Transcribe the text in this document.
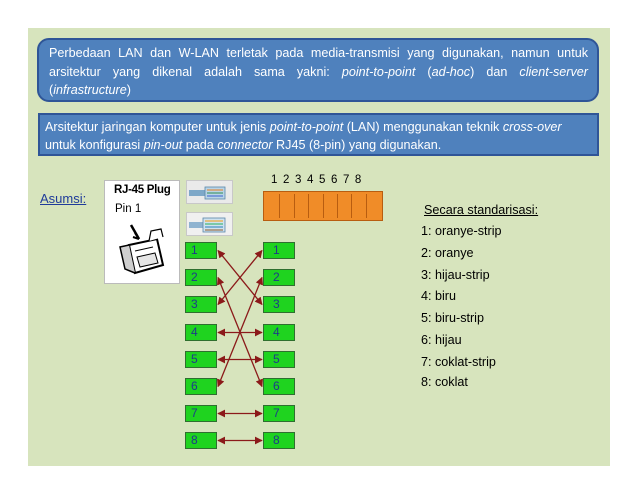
Perbedaan LAN dan W-LAN terletak pada media-transmisi yang digunakan, namun untuk arsitektur yang dikenal adalah sama yakni: point-to-point (ad-hoc) dan client-server (infrastructure)
Arsitektur jaringan komputer untuk jenis point-to-point (LAN) menggunakan teknik cross-over untuk konfigurasi pin-out pada connector RJ45 (8-pin) yang digunakan.
Asumsi:
RJ-45 Plug
Pin 1
1 2 3 4 5 6 7 8
1
2
3
4
5
6
7
8
1
2
3
4
5
6
7
8
Secara standarisasi:
1: oranye-strip
2: oranye
3: hijau-strip
4: biru
5: biru-strip
6: hijau
7: coklat-strip
8: coklat
